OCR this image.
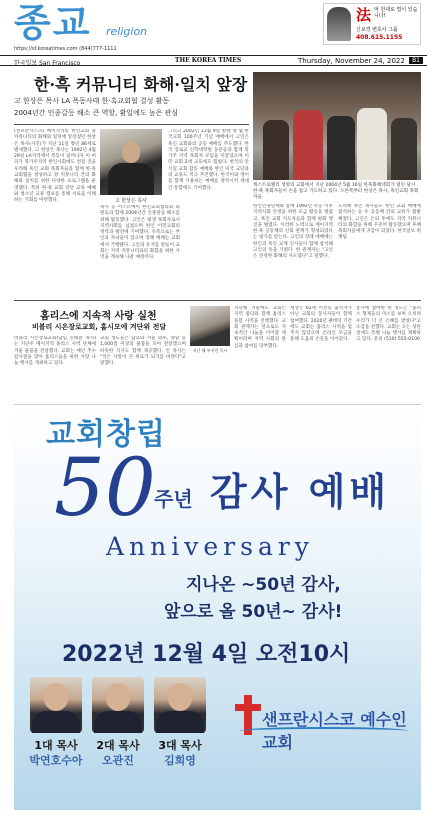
종교 religion
法 억 원대로 법이 있습니다!
신보경 변호사 그룹
408.615.1155
https://sf.koreatimes.com (844)777-1111
한국일보 San Francisco	THE KOREA TIMES	Thursday, November 24, 2022	B1
한·흑 커뮤니티 화해·일치 앞장
고 한상은 목사 LA 폭동사태 한·흑교회협 결성 활동
2004년간 인종갈등 해소 큰 역할, 활일에도 높은 관심
(샌프란시스코) 베이지역의 한인교회 중 커뮤니티의 화해와 일치에 앞장섰던 한상은 목사(사진)가 지난 11일 향년 86세로 별세했다. 고 한상은 목사는 1992년 4월29일 LA지역에서 폭동이 일어나자 이 여파가 북가주지역 한인사회에도 번질 것을 우려해 흑인 교회 목회자들과 함께 한·흑교회협을 결성하고 양 커뮤니티 간의 화해와 일치를 위한 다양한 프로그램을 운영했다. 특히 한·흑 교회 강단 교류 예배와 청소년 교류 캠프를 통해 서로를 이해하는 기회를 마련했다.	고 한상은 목사
목사 등 이스트베이 한인교회협의회 회원들과 함께 2004년간 인종갈등 해소를 위해 활동했다. 고인은 평생 목회자로서 지역사회를 섬겼으며 한인 이민교회의 정착과 발전에 기여했다. 유족으로는 부인과 자녀들이 있으며 장례 예배는 교회에서 거행됐다. 고인의 유지를 받들어 교회는 지역 커뮤니티와의 화합을 위한 사역을 계속해 나갈 예정이다.
그리고 2002년 12월 9일 칼렌 방 월 한국교회 100주년 기념 예배에서 고인은 흑인 교회와의 공동 예배를 주도했다. 한국 장로교 신학대학원 동문들과 함께 북가주 지역 목회자 모임을 이끌었으며 이민 교회 2세 교육에도 힘썼다. 한국의 안식일 교회 합동 예배와 한인 미국 교단과의 교류도 적극 추진했다. 한국어와 영어를 함께 사용하는 예배를 정착시켜 세대 간 통합에도 기여했다.
캐스트로밸리 생명의 교회에서 지난 2004년 5월 16일 한흑화해대회가 열린 당시 한·흑 목회자들이 손을 잡고 기도하고 있다. 오른쪽부터 한상은 목사, 흑인교회 목회자들.
한인인권단체와 함께 1992년 폭동 이후 지역사회 안정을 위한 모금 활동을 벌였고, 흑인 교회 지도자들과 함께 평화 행진을 벌였다. 이러한 노력으로 베이지역 한·흑 공동체의 신뢰 관계가 형성되었다는 평가를 받는다. 고인의 장례 예배에는 한인과 흑인 교계 인사들이 함께 참석해 고인의 뜻을 기렸다. 한 관계자는 "고인은 진정한 화해의 사도였다"고 말했다.
노력해 흑인 목사들도 한인 교회 예배에 참석하는 등 두 공동체 간의 교류가 활발해졌다. 고인은 은퇴 후에도 지역 커뮤니티의 화합을 위해 꾸준히 활동했으며 후배 목회자들에게 귀감이 되었다. 한국일보 취재팀
홈리스에 지속적 사랑 실천
비블리 시온장로교회, 홈시모에 겨단위 전달
비블리 시온장로교회(담임 신태환 목사)는 지난주 베이지역 홈리스 사역 단체에 겨울 물품을 전달했다. 교회는 매년 추수감사절을 맞아 홈리스들을 위한 사랑 나눔 행사를 개최하고 있다.
교회 성도들은 담요와 겨울 외투, 양말 등 1,000점 이상의 물품을 모아 전달했으며 따뜻한 식사도 함께 제공했다. 신 목사는 "작은 사랑이 큰 위로가 되기를 바란다"고 말했다.
지난 해 부지런 목사
지난해 겨울에도 교회는 지역 쉼터와 함께 홈리스 돌봄 사역을 진행했다. 교회 관계자는 앞으로도 지속적인 나눔을 이어갈 계획이라며 지역 사회의 관심과 참여를 당부했다.
세상은 62세 이전의 출석자가 아닌 교회의 봉사자들이 함께 참여했다. 2020년 팬데믹 기간에도 교회는 홈리스 사역을 멈추지 않았으며 온라인 모금을 통해 도움의 손길을 이어갔다.
봉사에 참여한 한 성도는 "홈리스 형제들의 미소를 보며 오히려 우리가 더 큰 은혜를 받았다"고 소감을 전했다. 교회는 오는 성탄절에도 특별 나눔 행사를 계획하고 있다. 문의 (510) 555-0100
교회창립
50
주년 감사 예배
Anniversary
지나온 ~50년 감사,
앞으로 올 50년~ 감사!
2022년 12월 4일 오전10시
1대 목사
박연호수아
2대 목사
오관진
3대 목사
김희영
샌프란시스코 예수인교회
